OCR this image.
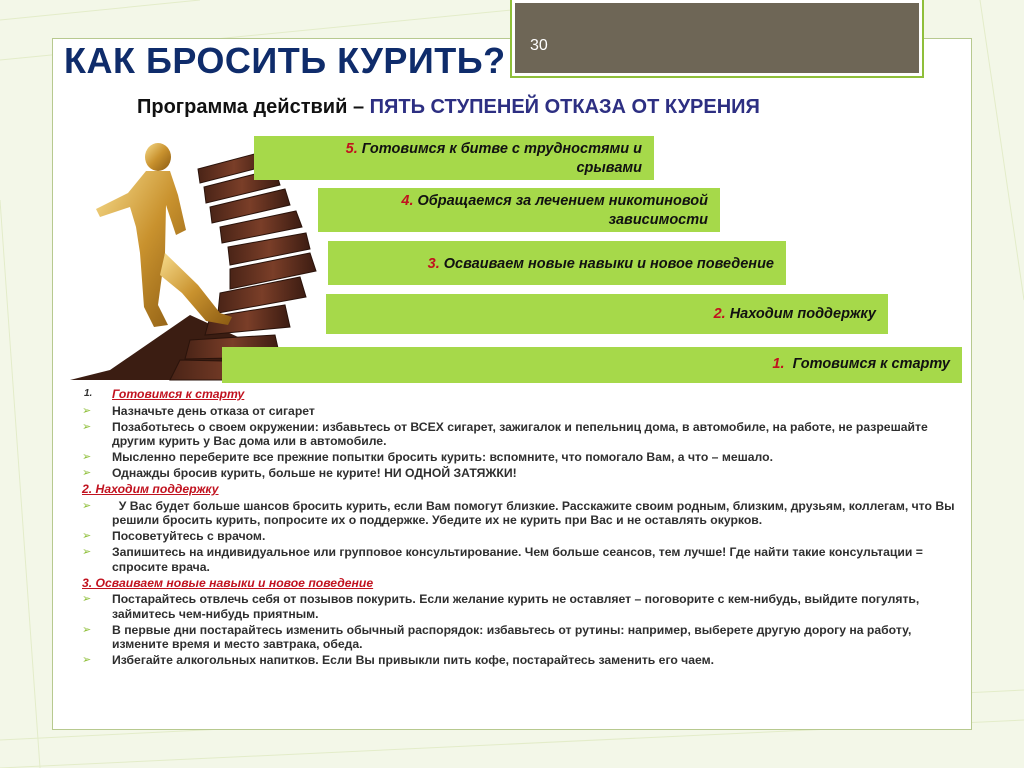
30
КАК БРОСИТЬ КУРИТЬ?
Программа действий – ПЯТЬ СТУПЕНЕЙ ОТКАЗА ОТ КУРЕНИЯ
5. Готовимся к битве с трудностями и
срывами
4. Обращаемся за лечением никотиновой
зависимости
3. Осваиваем новые навыки и новое поведение
2. Находим поддержку
1. Готовимся к старту
1. Готовимся к старту
➢ Назначьте день отказа от сигарет
➢ Позаботьтесь о своем окружении: избавьтесь от ВСЕХ сигарет, зажигалок и пепельниц дома, в автомобиле, на работе, не разрешайте другим курить у Вас дома или в автомобиле.
➢ Мысленно переберите все прежние попытки бросить курить: вспомните, что помогало Вам, а что – мешало.
➢ Однажды бросив курить, больше не курите! НИ ОДНОЙ ЗАТЯЖКИ!
2. Находим поддержку
➢ У Вас будет больше шансов бросить курить, если Вам помогут близкие. Расскажите своим родным, близким, друзьям, коллегам, что Вы решили бросить курить, попросите их о поддержке. Убедите их не курить при Вас и не оставлять окурков.
➢ Посоветуйтесь с врачом.
➢ Запишитесь на индивидуальное или групповое консультирование. Чем больше сеансов, тем лучше! Где найти такие консультации = спросите врача.
3. Осваиваем новые навыки и новое поведение
➢ Постарайтесь отвлечь себя от позывов покурить. Если желание курить не оставляет – поговорите с кем-нибудь, выйдите погулять, займитесь чем-нибудь приятным.
➢ В первые дни постарайтесь изменить обычный распорядок: избавьтесь от рутины: например, выберете другую дорогу на работу, измените время и место завтрака, обеда.
➢ Избегайте алкогольных напитков. Если Вы привыкли пить кофе, постарайтесь заменить его чаем.
